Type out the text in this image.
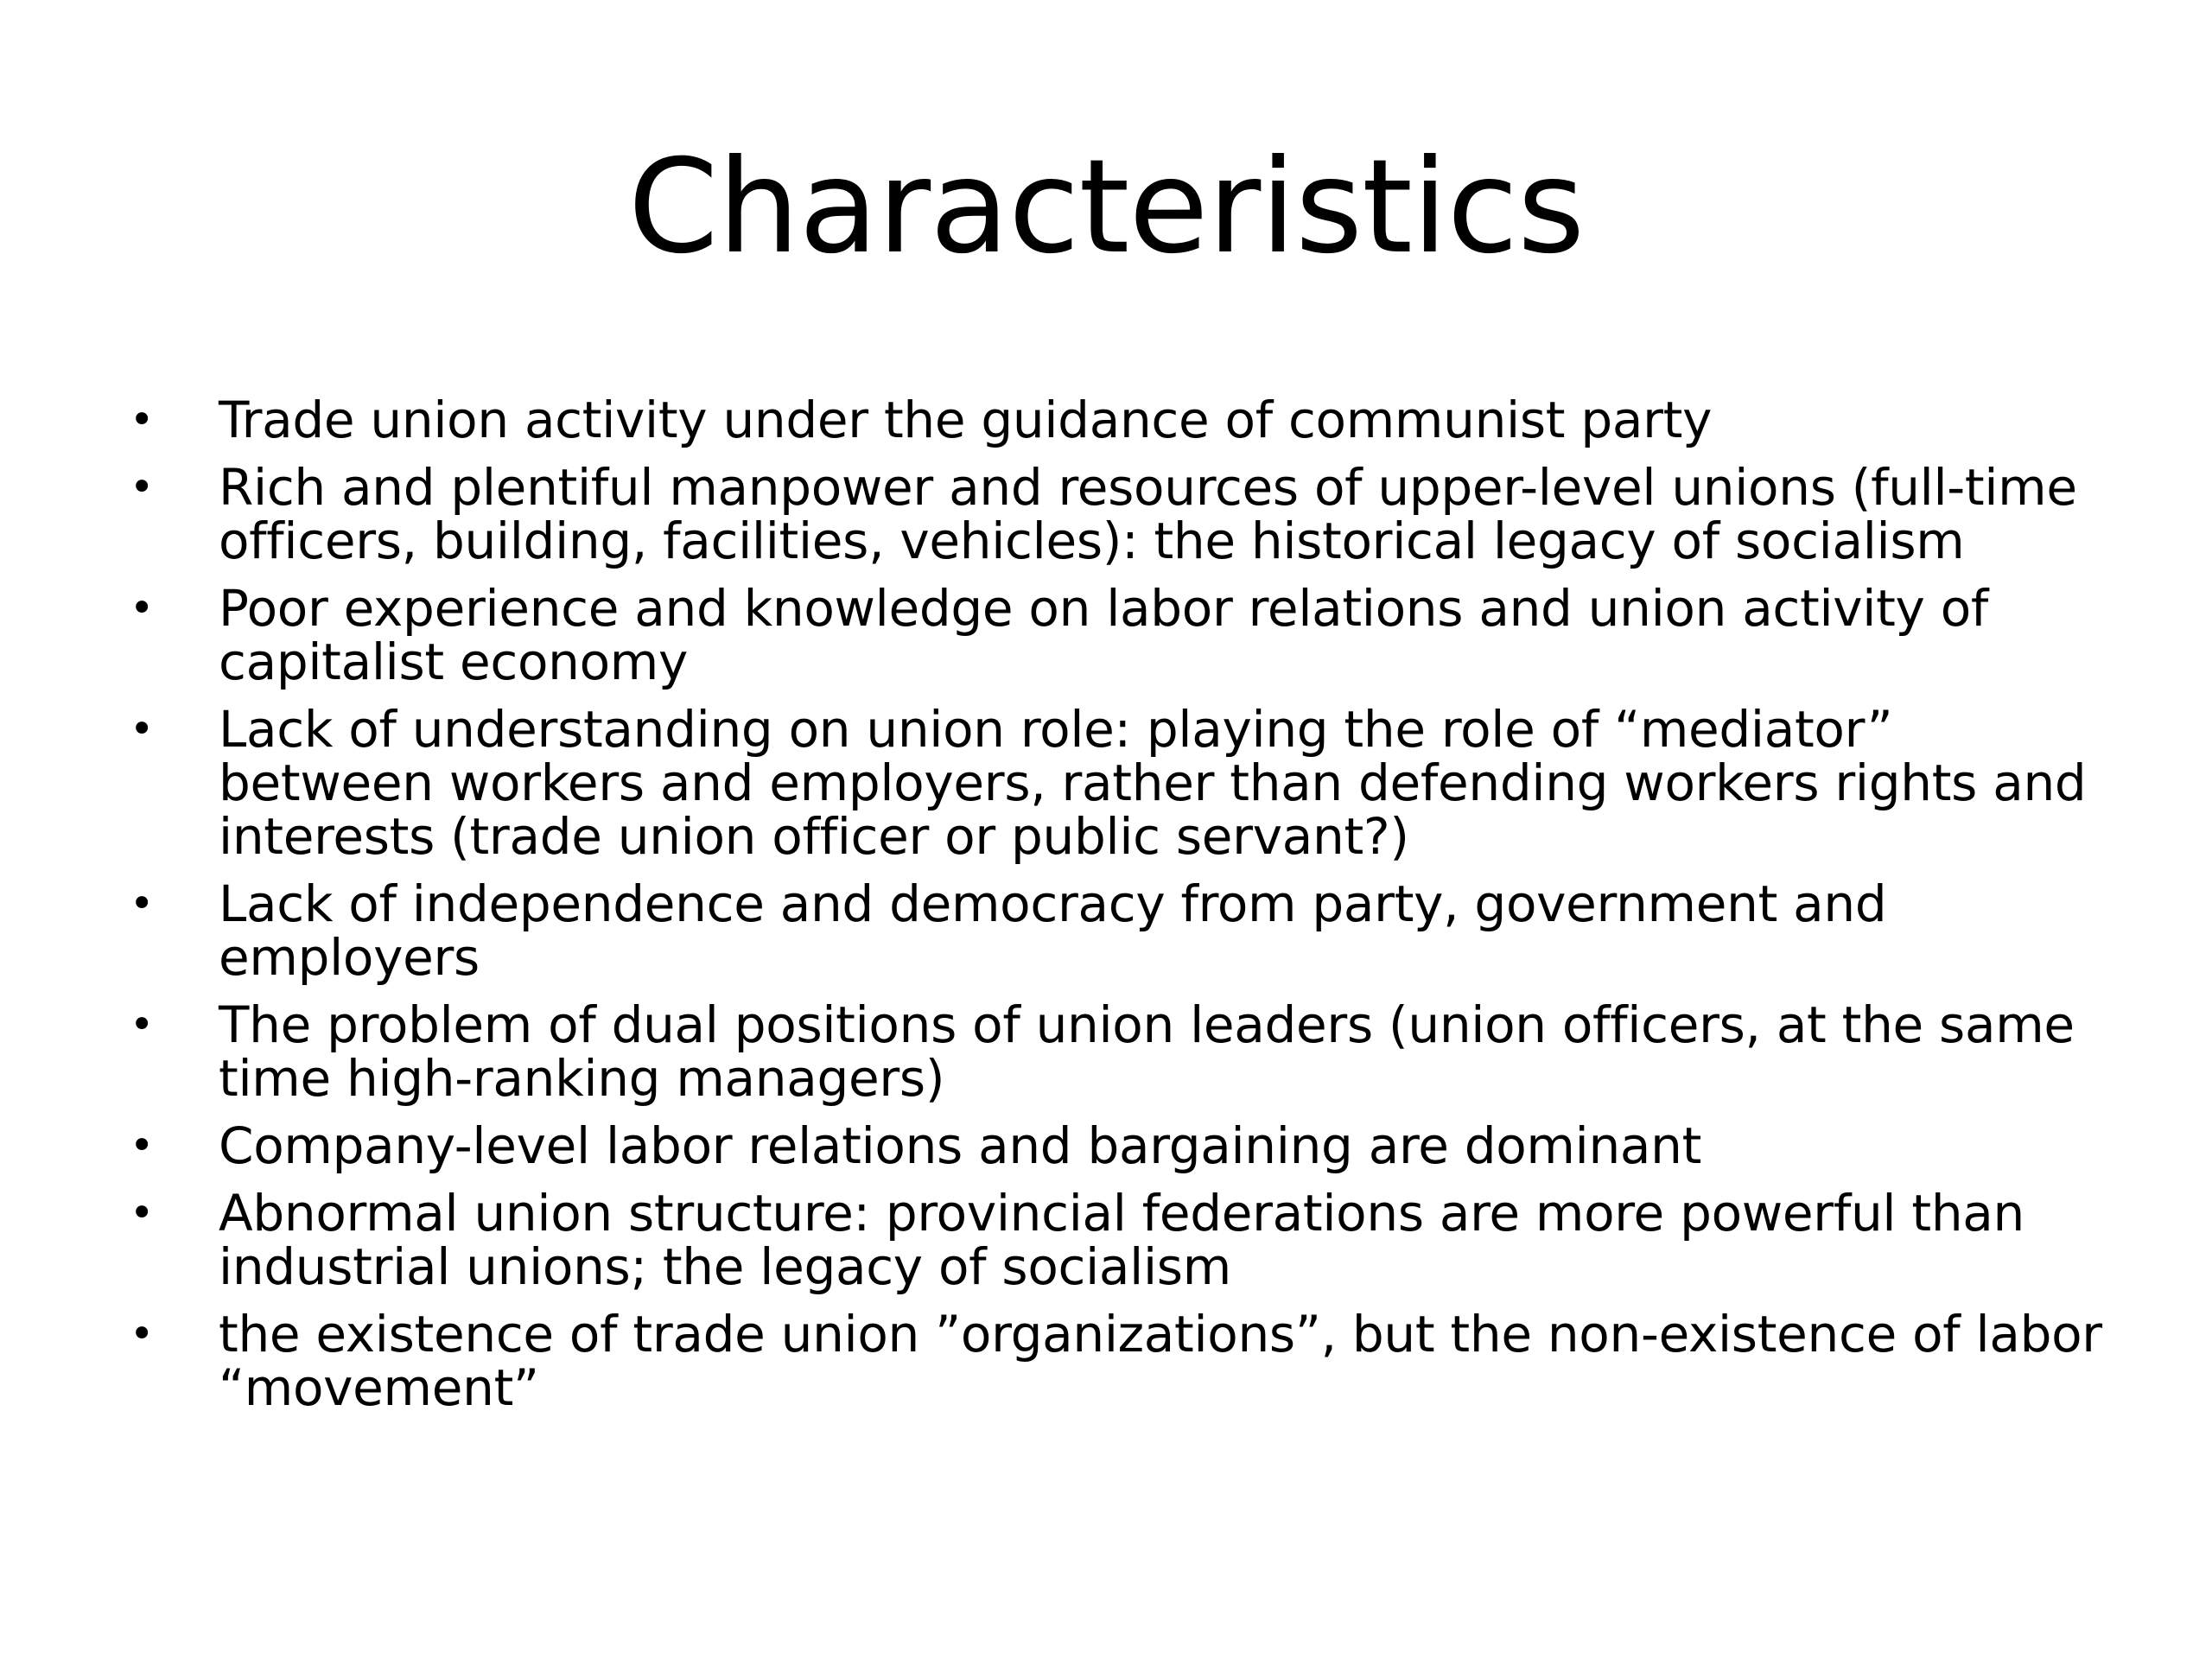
Characteristics
• Trade union activity under the guidance of communist party
• Rich and plentiful manpower and resources of upper-level unions (full-time officers, building, facilities, vehicles): the historical legacy of socialism
• Poor experience and knowledge on labor relations and union activity of capitalist economy
• Lack of understanding on union role: playing the role of “mediator” between workers and employers, rather than defending workers rights and interests (trade union officer or public servant?)
• Lack of independence and democracy from party, government and employers
• The problem of dual positions of union leaders (union officers, at the same time high-ranking managers)
• Company-level labor relations and bargaining are dominant
• Abnormal union structure: provincial federations are more powerful than industrial unions; the legacy of socialism
• the existence of trade union ”organizations”, but the non-existence of labor “movement”
